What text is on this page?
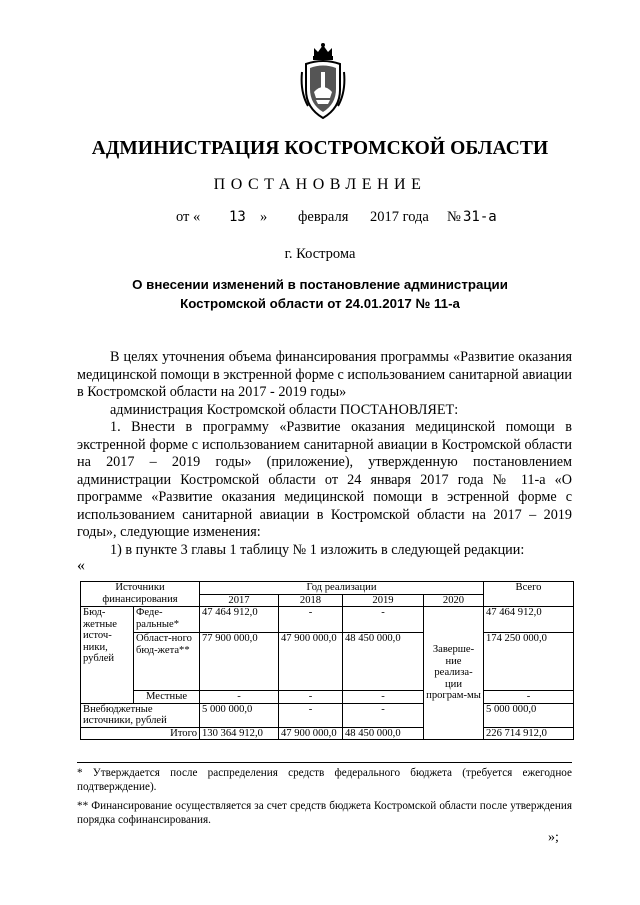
АДМИНИСТРАЦИЯ КОСТРОМСКОЙ ОБЛАСТИ
ПОСТАНОВЛЕНИЕ
от « 13 » февраля 2017 года № 31-а
г. Кострома
О внесении изменений в постановление администрации
Костромской области от 24.01.2017 № 11-а

В целях уточнения объема финансирования программы «Развитие оказания медицинской помощи в экстренной форме с использованием санитарной авиации в Костромской области на 2017 - 2019 годы»

администрация Костромской области ПОСТАНОВЛЯЕТ:

1. Внести в программу «Развитие оказания медицинской помощи в экстренной форме с использованием санитарной авиации в Костромской области на 2017 – 2019 годы» (приложение), утвержденную постановлением администрации Костромской области от 24 января 2017 года № 11-а «О программе «Развитие оказания медицинской помощи в эстренной форме с использованием санитарной авиации в Костромской области на 2017 – 2019 годы», следующие изменения:

1) в пункте 3 главы 1 таблицу № 1 изложить в следующей редакции:

«
Источники финансирования		Год реализации				Всего
		2017	2018	2019	2020	
Бюд-жетные источ-ники, рублей	Феде-ральные*	47 464 912,0	-	-	Заверше-ние реализа-ции програм-мы	47 464 912,0
	Област-ного бюд-жета**	77 900 000,0	47 900 000,0	48 450 000,0		174 250 000,0
	Местные	-	-	-		-
Внебюджетные источники, рублей		5 000 000,0	-	-		5 000 000,0
Итого		130 364 912,0	47 900 000,0	48 450 000,0		226 714 912,0

* Утверждается после распределения средств федерального бюджета (требуется ежегодное подтверждение).

** Финансирование осуществляется за счет средств бюджета Костромской области после утверждения порядка софинансирования.

»;
